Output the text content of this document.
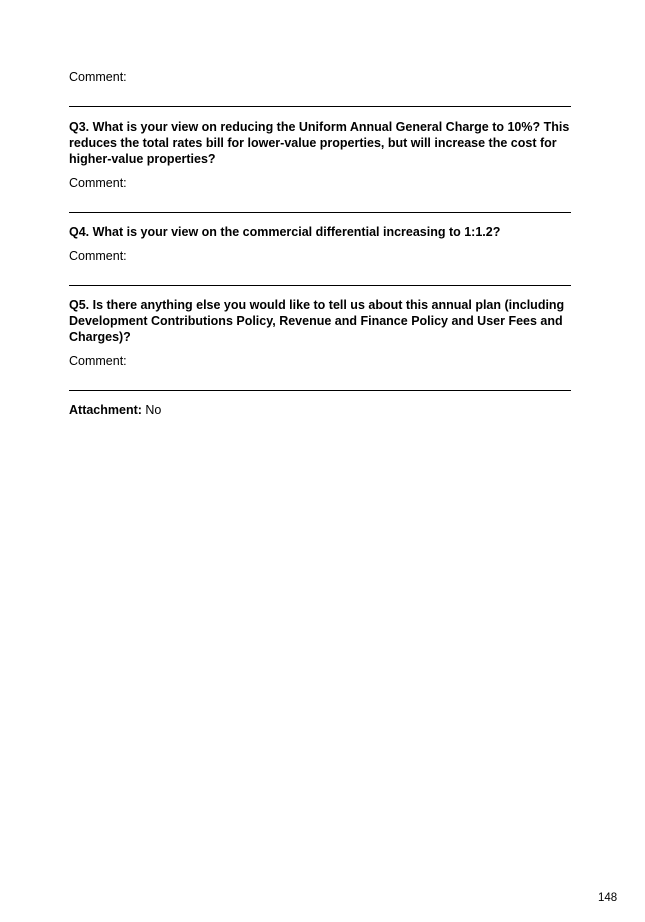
Comment:

Q3. What is your view on reducing the Uniform Annual General Charge to 10%? This reduces the total rates bill for lower-value properties, but will increase the cost for higher-value properties?

Comment:

Q4. What is your view on the commercial differential increasing to 1:1.2?

Comment:

Q5. Is there anything else you would like to tell us about this annual plan (including Development Contributions Policy, Revenue and Finance Policy and User Fees and Charges)?

Comment:

Attachment: No

148
